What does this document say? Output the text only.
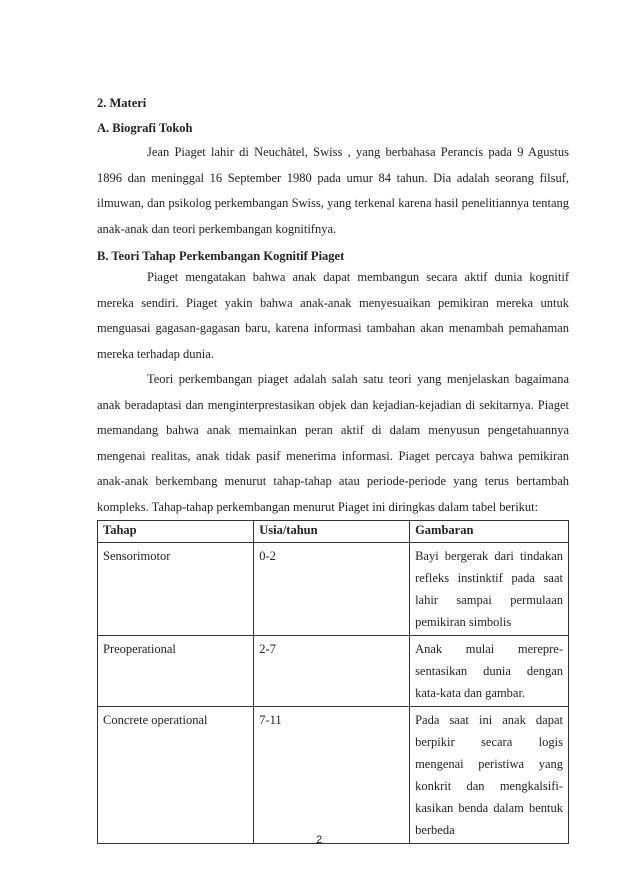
2. Materi

A. Biografi Tokoh

Jean Piaget lahir di Neuchâtel, Swiss , yang berbahasa Perancis pada 9 Agustus 1896 dan meninggal 16 September 1980 pada umur 84 tahun. Dia adalah seorang filsuf, ilmuwan, dan psikolog perkembangan Swiss, yang terkenal karena hasil penelitiannya tentang anak-anak dan teori perkembangan kognitifnya.

B. Teori Tahap Perkembangan Kognitif Piaget

Piaget mengatakan bahwa anak dapat membangun secara aktif dunia kognitif mereka sendiri. Piaget yakin bahwa anak-anak menyesuaikan pemikiran mereka untuk menguasai gagasan-gagasan baru, karena informasi tambahan akan menambah pemahaman mereka terhadap dunia.

Teori perkembangan piaget adalah salah satu teori yang menjelaskan bagaimana anak beradaptasi dan menginterprestasikan objek dan kejadian-kejadian di sekitarnya. Piaget memandang bahwa anak memainkan peran aktif di dalam menyusun pengetahuannya mengenai realitas, anak tidak pasif menerima informasi. Piaget percaya bahwa pemikiran anak-anak berkembang menurut tahap-tahap atau periode-periode yang terus bertambah kompleks. Tahap-tahap perkembangan menurut Piaget ini diringkas dalam tabel berikut:

Tahap	Usia/tahun	Gambaran
Sensorimotor	0-2	Bayi bergerak dari tindakan refleks instinktif pada saat lahir sampai permulaan pemikiran simbolis
Preoperational	2-7	Anak mulai merepre-sentasikan dunia dengan kata-kata dan gambar.
Concrete operational	7-11	Pada saat ini anak dapat berpikir secara logis mengenai peristiwa yang konkrit dan mengkalsifi-kasikan benda dalam bentuk berbeda
2
